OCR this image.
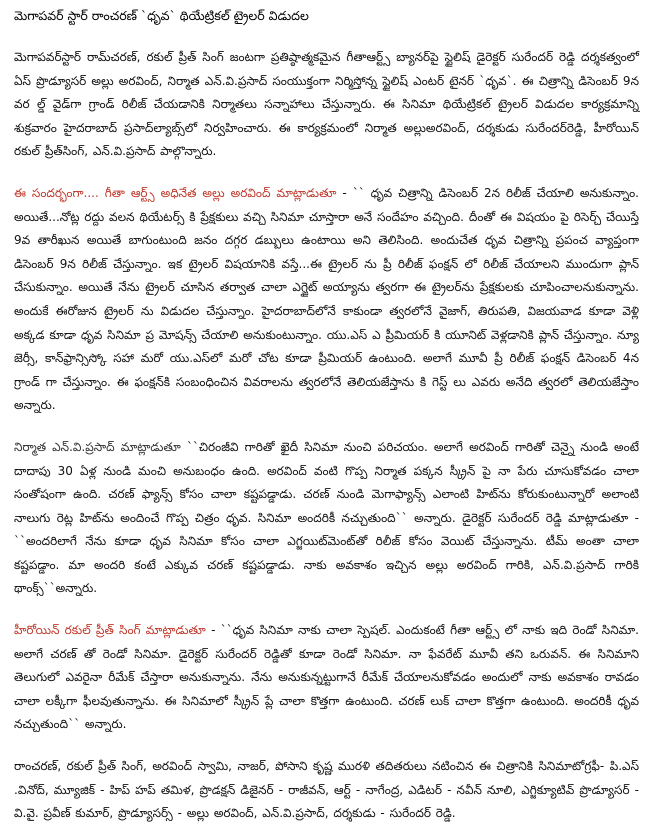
మెగాపవర్ స్టార్ రాంచరణ్ `ధృవ` థియేట్రికల్ ట్రైలర్ విడుదల

మెగాపవర్‌స్టార్ రామ్‌చరణ్, రకుల్ ప్రీత్ సింగ్ జంటగా ప్రతిష్ఠాత్మకమైన గీతాఆర్ట్స్ బ్యానర్‌పై స్టైలిష్ డైరెక్టర్ సురేందర్ రెడ్డి దర్శకత్వంలో ఏస్ ప్రొడ్యూసర్ అల్లు అరవింద్, నిర్మాత ఎన్.వి.ప్రసాద్ సంయుక్తంగా నిర్మిస్తోన్న స్టైలిష్ ఎంటర్ టైనర్ `ధృవ`. ఈ చిత్రాన్ని డిసెంబర్ 9న వర ల్డ్ వైడ్‌గా గ్రాండ్ రిలీజ్ చేయడానికి నిర్మాతలు సన్నాహాలు చేస్తున్నారు. ఈ సినిమా థియేట్రికల్ ట్రైలర్ విడుదల కార్యక్రమాన్ని శుక్రవారం హైదరాబాద్ ప్రసాద్‌ల్యాబ్స్‌లో నిర్వహించారు. ఈ కార్యక్రమంలో నిర్మాత అల్లుఅరవింద్, దర్శకుడు సురేందర్‌రెడ్డి, హీరోయిన్ రకుల్ ప్రీత్‌సింగ్, ఎన్.వి.ప్రసాద్ పాల్గొన్నారు.

ఈ సందర్భంగా.... గీతా ఆర్ట్స్ అధినేత అల్లు అరవింద్ మాట్లాడుతూ - `` ధృవ చిత్రాన్ని డిసెంబర్ 2న రిలీజ్ చేయాలి అనుకున్నాం. అయితే...నోట్ల రద్దు వలన థియేటర్స్ కి ప్రేక్షకులు వచ్చి సినిమా చూస్తారా అనే సందేహం వచ్చింది. దీంతో ఈ విషయం పై రిసెర్చ్ చేయిస్తే 9వ తారీఖున అయితే బాగుంటుంది జనం దగ్గర డబ్బులు ఉంటాయి అని తెలిసింది. అందుచేత ధృవ చిత్రాన్ని ప్రపంచ వ్యాప్తంగా డిసెంబర్ 9న రిలీజ్ చేస్తున్నాం. ఇక ట్రైలర్ విషయానికి వస్తే...ఈ ట్రైలర్ ను ప్రీ రిలీజ్ ఫంక్షన్ లో రిలీజ్ చేయాలని ముందుగా ప్లాన్ చేసుకున్నాం. అయితే నేను ట్రైలర్ చూసిన తర్వాత చాలా ఎగ్జైట్ అయ్యాను త్వరగా ఈ ట్రైలర్‌ను ప్రేక్షకులకు చూపించాలనుకున్నాను. అందుకే ఈరోజున ట్రైలర్ ను విడుదల చేస్తున్నాం. హైదరాబాద్‌లోనే కాకుండా త్వరలోనే వైజాగ్, తిరుపతి, విజయవాడ కూడా వెళ్లి అక్కడ కూడా ధృవ సినిమా ప్ర మోషన్స్ చేయాలి అనుకుంటున్నాం. యు.ఎస్ ఎ ప్రీమియర్ కి యూనిట్ వెళ్లడానికి ప్లాన్ చేస్తున్నాం. న్యూ జెర్సీ, కాన్‌ఫ్రాన్సిస్కో సహా మరో యు.ఎస్‌లో మరో చోట కూడా ప్రీమియర్ ఉంటుంది. అలాగే మూవీ ప్రీ రిలీజ్ ఫంక్షన్ డిసెంబర్ 4న గ్రాండ్ గా చేస్తున్నాం. ఈ ఫంక్షన్‌కి సంబంధించిన వివరాలను త్వరలోనే తెలియజేస్తాను కి గెస్ట్ లు ఎవరు అనేది త్వరలో తెలియజేస్తాం అన్నారు.

నిర్మాత ఎన్.వి.ప్రసాద్ మాట్లాడుతూ ``చిరంజీవి గారితో ఖైదీ సినిమా నుంచి పరిచయం. అలాగే అరవింద్ గారితో చెన్నై నుండి అంటే దాదాపు 30 ఏళ్ల నుండి మంచి అనుబంధం ఉంది. అరవింద్ వంటి గొప్ప నిర్మాత పక్కన స్క్రీన్ పై నా పేరు చూసుకోవడం చాలా సంతోషంగా ఉంది. చరణ్ ఫ్యాన్స్ కోసం చాలా కష్టపడ్డాడు. చరణ్ నుండి మెగాఫ్యాన్స్ ఎలాంటి హిట్‌ను కోరుకుంటున్నారో అలాంటి నాలుగు రెట్ల హిట్‌ను అందించే గొప్ప చిత్రం ధృవ. సినిమా అందరికీ నచ్చుతుంది`` అన్నారు. డైరెక్టర్ సురేందర్ రెడ్డి మాట్లాడుతూ - ``అందరిలాగే నేను కూడా ధృవ సినిమా కోసం చాలా ఎగ్జయిట్‌మెంట్‌తో రిలీజ్ కోసం వెయిట్ చేస్తున్నాను. టీమ్ అంతా చాలా కష్టపడ్డాం. మా అందరి కంటే ఎక్కువ చరణ్ కష్టపడ్డాడు. నాకు అవకాశం ఇచ్చిన అల్లు అరవింద్ గారికి, ఎన్.వి.ప్రసాద్ గారికి థాంక్స్``అన్నారు.

హీరోయిన్ రకుల్ ప్రీత్ సింగ్ మాట్లాడుతూ - ``ధృవ సినిమా నాకు చాలా స్పెషల్. ఎందుకంటే గీతా ఆర్ట్స్ లో నాకు ఇది రెండో సినిమా. అలాగే చరణ్ తో రెండో సినిమా. డైరెక్టర్ సురేందర్ రెడ్డితో కూడా రెండో సినిమా. నా ఫేవరేట్ మూవీ తని ఒరువన్. ఈ సినిమాని తెలుగులో ఎవరైనా రీమేక్ చేస్తారా అనుకున్నాను. నేను అనుకున్నట్టుగానే రీమేక్ చేయాలనుకోవడం అందులో నాకు అవకాశం రావడం చాలా లక్కీగా ఫీలవుతున్నాను. ఈ సినిమాలో స్క్రీన్ ప్లే చాలా కొత్తగా ఉంటుంది. చరణ్ లుక్ చాలా కొత్తగా ఉంటుంది. అందరికీ ధృవ నచ్చుతుంది`` అన్నారు.

రాంచరణ్, రకుల్ ప్రీత్ సింగ్, అరవింద్ స్వామి, నాజర్, పోసాని కృష్ణ మురళి తదితరులు నటించిన ఈ చిత్రానికి సినిమాటోగ్రఫీ- పి.ఎస్ .వినోద్, మ్యూజిక్ - హిప్ హప్ తమిళ, ప్రొడక్షన్ డిజైనర్ - రాజీవన్, ఆర్ట్ - నాగేంద్ర, ఎడిటర్ - నవీన్ నూలి, ఎగ్జిక్యూటివ్ ప్రొడ్యూసర్ - వి.వై. ప్రవీణ్ కుమార్, ప్రొడ్యూసర్స్ - అల్లు అరవింద్, ఎన్.వి.ప్రసాద్, దర్శకుడు - సురేందర్ రెడ్డి.
